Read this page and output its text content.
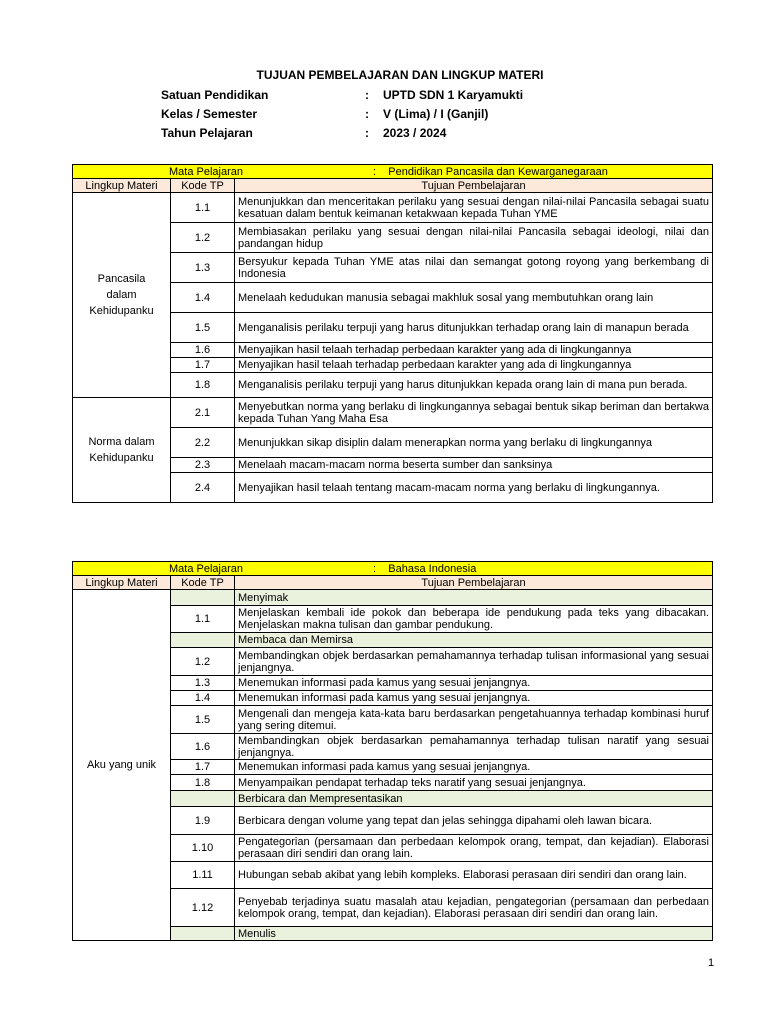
TUJUAN PEMBELAJARAN DAN LINGKUP MATERI
Satuan Pendidikan	: UPTD SDN 1 Karyamukti
Kelas / Semester	: V (Lima) / I (Ganjil)
Tahun Pelajaran	: 2023 / 2024
Mata Pelajaran : Pendidikan Pancasila dan Kewarganegaraan		
Lingkup Materi	Kode TP	Tujuan Pembelajaran

Pancasila
dalam
Kehidupanku	1.1	Menunjukkan dan menceritakan perilaku yang sesuai dengan nilai-nilai Pancasila sebagai suatu kesatuan dalam bentuk keimanan ketakwaan kepada Tuhan YME
	1.2	Membiasakan perilaku yang sesuai dengan nilai-nilai Pancasila sebagai ideologi, nilai dan pandangan hidup
	1.3	Bersyukur kepada Tuhan YME atas nilai dan semangat gotong royong yang berkembang di Indonesia
	1.4	Menelaah kedudukan manusia sebagai makhluk sosal yang membutuhkan orang lain
	1.5	Menganalisis perilaku terpuji yang harus ditunjukkan terhadap orang lain di manapun berada
	1.6	Menyajikan hasil telaah terhadap perbedaan karakter yang ada di lingkungannya
	1.7	Menyajikan hasil telaah terhadap perbedaan karakter yang ada di lingkungannya
	1.8	Menganalisis perilaku terpuji yang harus ditunjukkan kepada orang lain di mana pun berada.

Norma dalam
Kehidupanku	2.1	Menyebutkan norma yang berlaku di lingkungannya sebagai bentuk sikap beriman dan bertakwa kepada Tuhan Yang Maha Esa
	2.2	Menunjukkan sikap disiplin dalam menerapkan norma yang berlaku di lingkungannya
	2.3	Menelaah macam-macam norma beserta sumber dan sanksinya
	2.4	Menyajikan hasil telaah tentang macam-macam norma yang berlaku di lingkungannya.
Mata Pelajaran : Bahasa Indonesia		
Lingkup Materi	Kode TP	Tujuan Pembelajaran
Aku yang unik		Menyimak
	1.1	Menjelaskan kembali ide pokok dan beberapa ide pendukung pada teks yang dibacakan. Menjelaskan makna tulisan dan gambar pendukung.
		Membaca dan Memirsa
	1.2	Membandingkan objek berdasarkan pemahamannya terhadap tulisan informasional yang sesuai jenjangnya.
	1.3	Menemukan informasi pada kamus yang sesuai jenjangnya.
	1.4	Menemukan informasi pada kamus yang sesuai jenjangnya.
	1.5	Mengenali dan mengeja kata-kata baru berdasarkan pengetahuannya terhadap kombinasi huruf yang sering ditemui.
	1.6	Membandingkan objek berdasarkan pemahamannya terhadap tulisan naratif yang sesuai jenjangnya.
	1.7	Menemukan informasi pada kamus yang sesuai jenjangnya.
	1.8	Menyampaikan pendapat terhadap teks naratif yang sesuai jenjangnya.
		Berbicara dan Mempresentasikan
	1.9	Berbicara dengan volume yang tepat dan jelas sehingga dipahami oleh lawan bicara.
	1.10	Pengategorian (persamaan dan perbedaan kelompok orang, tempat, dan kejadian). Elaborasi perasaan diri sendiri dan orang lain.
	1.11	Hubungan sebab akibat yang lebih kompleks. Elaborasi perasaan diri sendiri dan orang lain.
	1.12	Penyebab terjadinya suatu masalah atau kejadian, pengategorian (persamaan dan perbedaan kelompok orang, tempat, dan kejadian). Elaborasi perasaan diri sendiri dan orang lain.
		Menulis
1
